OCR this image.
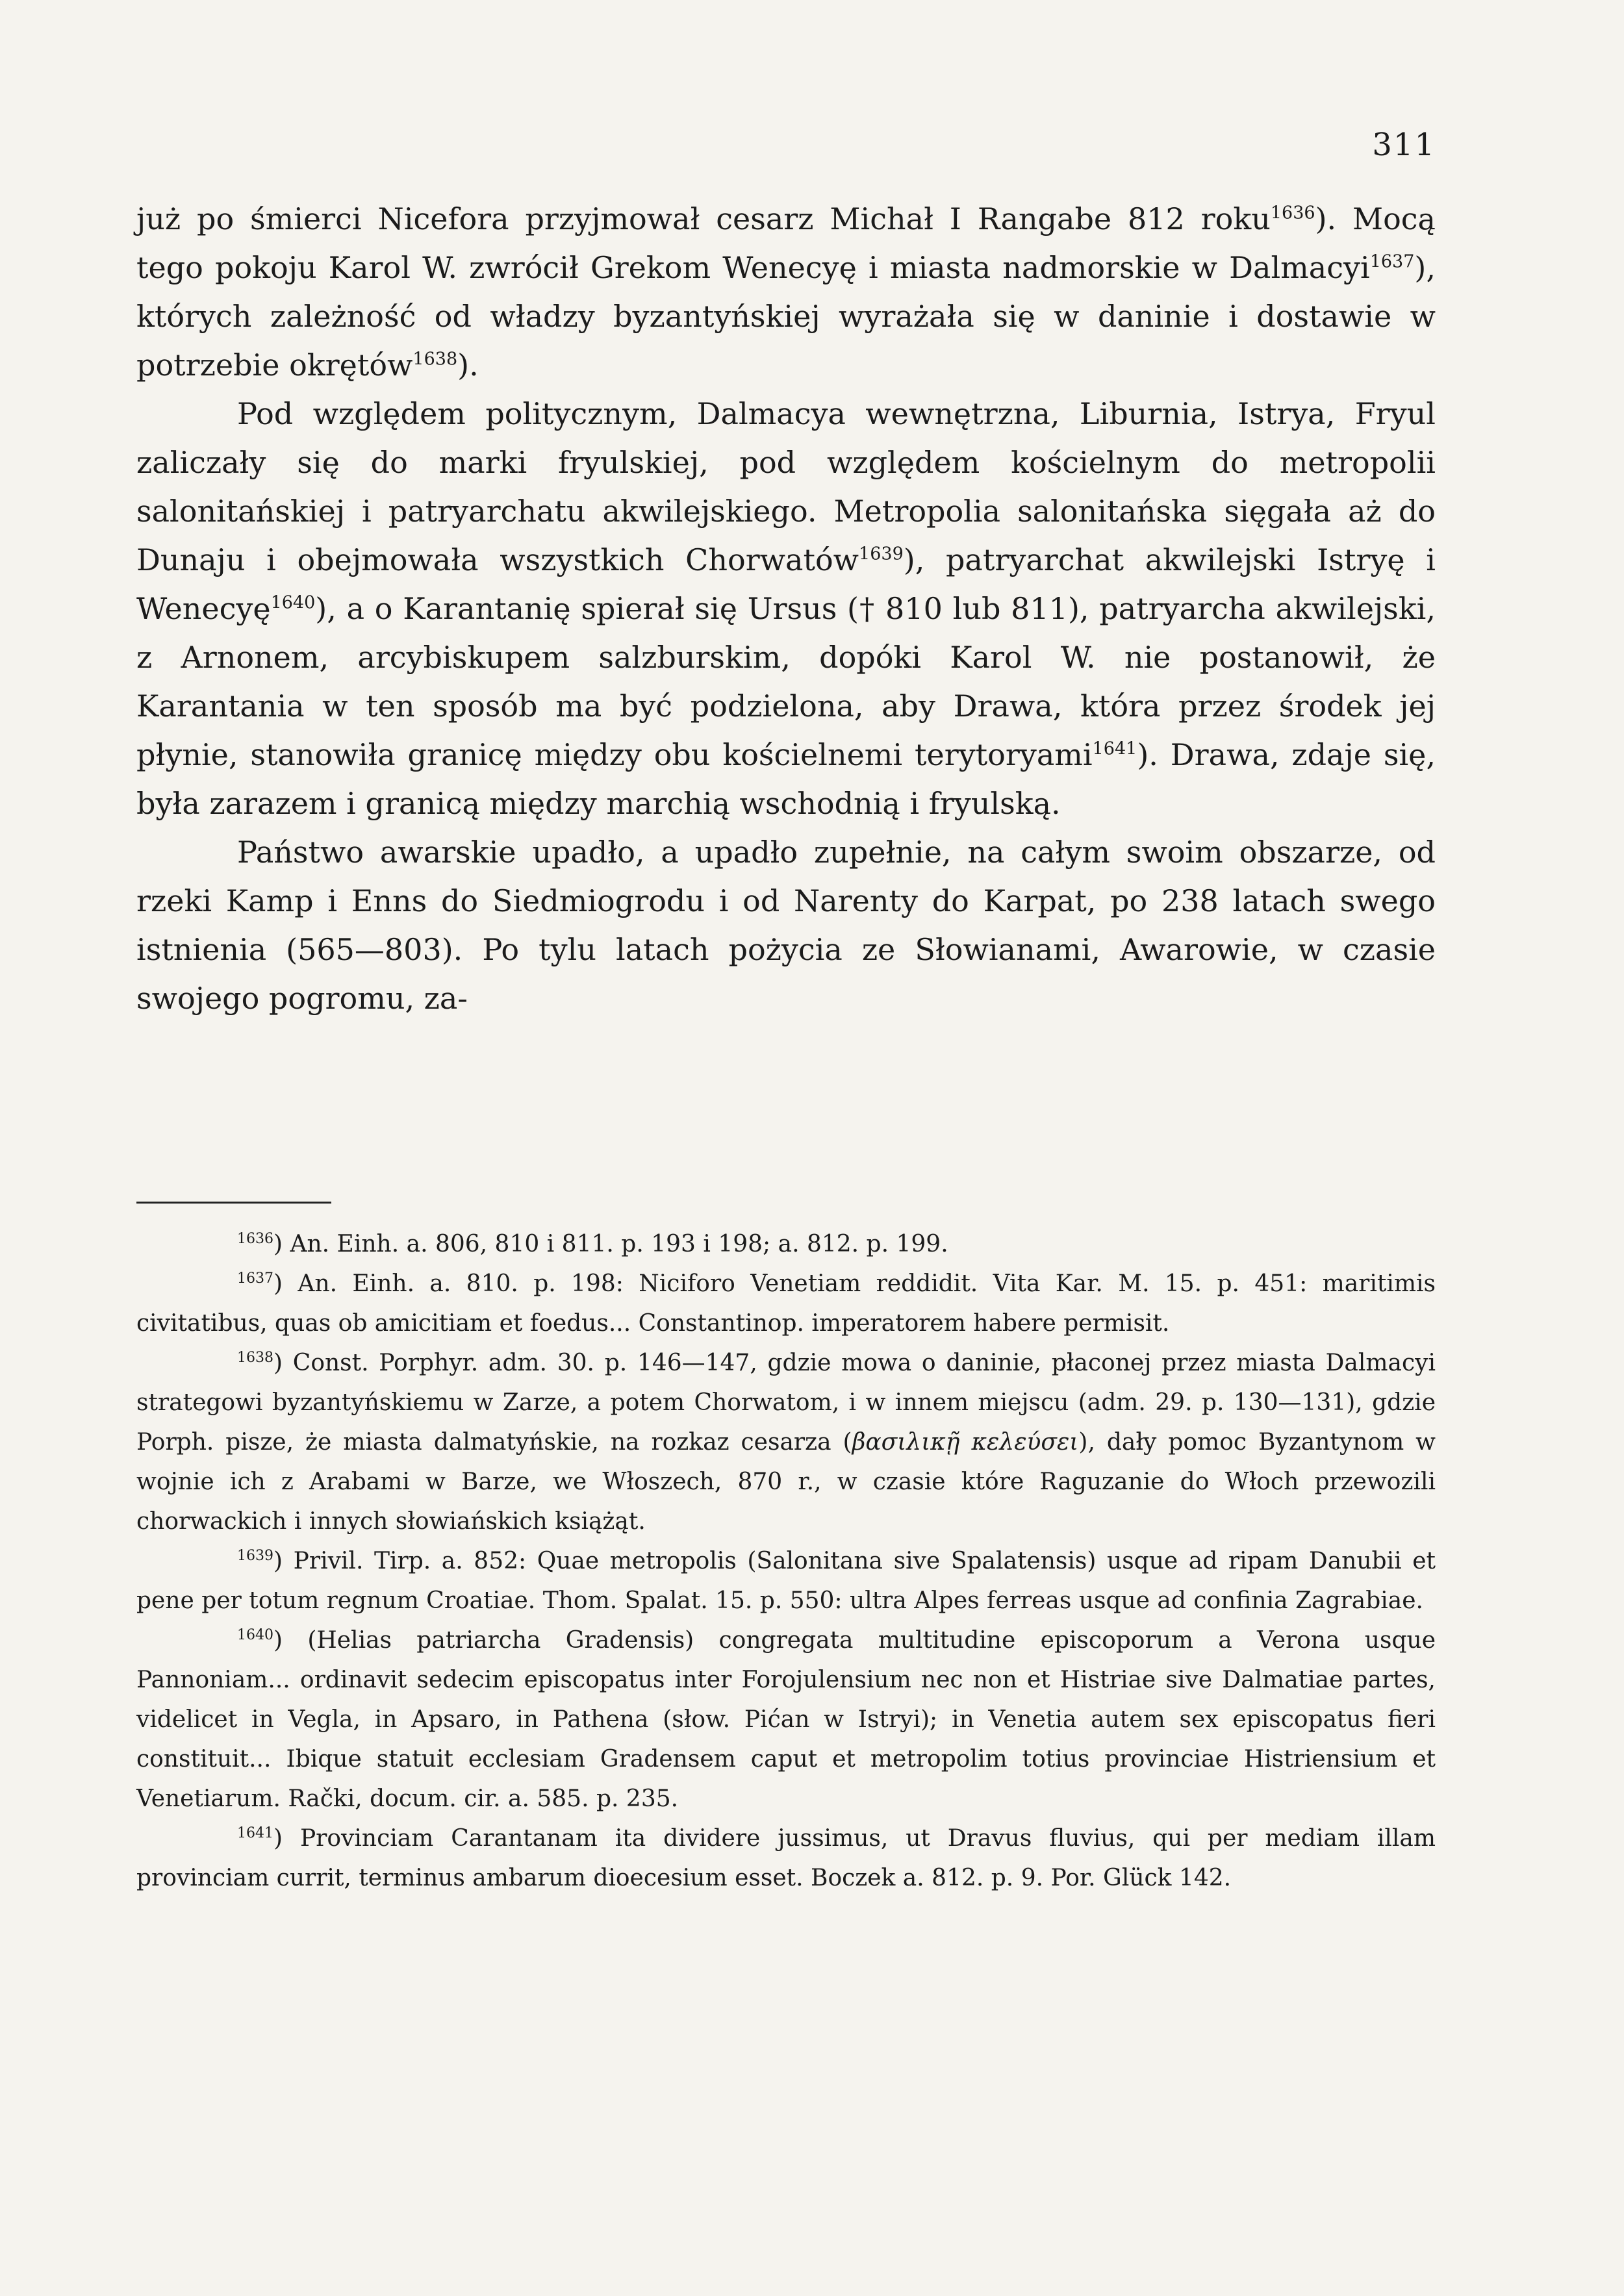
311

już po śmierci Nicefora przyjmował cesarz Michał I Rangabe 812 roku$^{1636}$). Mocą tego pokoju Karol W. zwrócił Grekom Wenecyę i miasta nadmorskie w Dalmacyi$^{1637}$), których zależność od władzy byzantyńskiej wyrażała się w daninie i dostawie w potrzebie okrętów$^{1638}$).

Pod względem politycznym, Dalmacya wewnętrzna, Liburnia, Istrya, Fryul zaliczały się do marki fryulskiej, pod względem kościelnym do metropolii salonitańskiej i patryarchatu akwilejskiego. Metropolia salonitańska sięgała aż do Dunaju i obejmowała wszystkich Chorwatów$^{1639}$), patryarchat akwilejski Istryę i Wenecyę$^{1640}$), a o Karantanię spierał się Ursus († 810 lub 811), patryarcha akwilejski, z Arnonem, arcybiskupem salzburskim, dopóki Karol W. nie postanowił, że Karantania w ten sposób ma być podzielona, aby Drawa, która przez środek jej płynie, stanowiła granicę między obu kościelnemi terytoryami$^{1641}$). Drawa, zdaje się, była zarazem i granicą między marchią wschodnią i fryulską.

Państwo awarskie upadło, a upadło zupełnie, na całym swoim obszarze, od rzeki Kamp i Enns do Siedmiogrodu i od Narenty do Karpat, po 238 latach swego istnienia (565—803). Po tylu latach pożycia ze Słowianami, Awarowie, w czasie swojego pogromu, za-

$^{1636}$) An. Einh. a. 806, 810 i 811. p. 193 i 198; a. 812. p. 199.

$^{1637}$) An. Einh. a. 810. p. 198: Niciforo Venetiam reddidit. Vita Kar. M. 15. p. 451: maritimis civitatibus, quas ob amicitiam et foedus... Constantinop. imperatorem habere permisit.

$^{1638}$) Const. Porphyr. adm. 30. p. 146—147, gdzie mowa o daninie, płaconej przez miasta Dalmacyi strategowi byzantyńskiemu w Zarze, a potem Chorwatom, i w innem miejscu (adm. 29. p. 130—131), gdzie Porph. pisze, że miasta dalmatyńskie, na rozkaz cesarza (βασιλικῇ κελεύσει), dały pomoc Byzantynom w wojnie ich z Arabami w Barze, we Włoszech, 870 r., w czasie które Raguzanie do Włoch przewozili chorwackich i innych słowiańskich książąt.

$^{1639}$) Privil. Tirp. a. 852: Quae metropolis (Salonitana sive Spalatensis) usque ad ripam Danubii et pene per totum regnum Croatiae. Thom. Spalat. 15. p. 550: ultra Alpes ferreas usque ad confinia Zagrabiae.

$^{1640}$) (Helias patriarcha Gradensis) congregata multitudine episcoporum a Verona usque Pannoniam... ordinavit sedecim episcopatus inter Forojulensium nec non et Histriae sive Dalmatiae partes, videlicet in Vegla, in Apsaro, in Pathena (słow. Pićan w Istryi); in Venetia autem sex episcopatus fieri constituit... Ibique statuit ecclesiam Gradensem caput et metropolim totius provinciae Histriensium et Venetiarum. Rački, docum. cir. a. 585. p. 235.

$^{1641}$) Provinciam Carantanam ita dividere jussimus, ut Dravus fluvius, qui per mediam illam provinciam currit, terminus ambarum dioecesium esset. Boczek a. 812. p. 9. Por. Glück 142.
